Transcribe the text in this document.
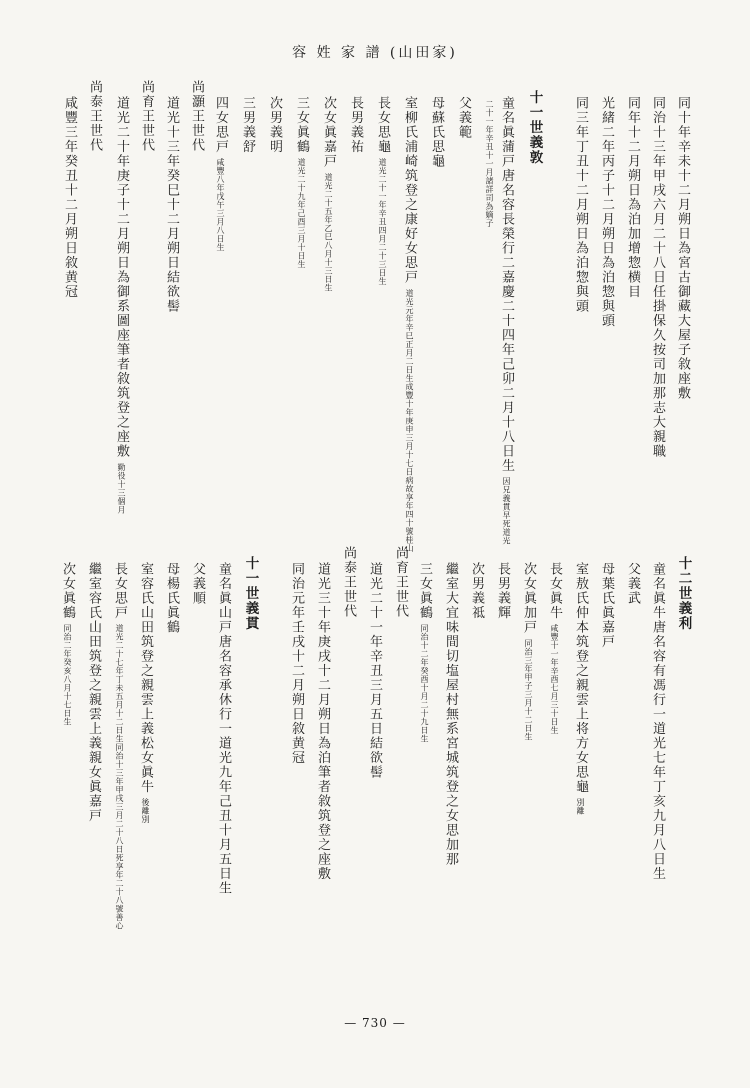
容 姓 家 譜 (山田家)
同十年辛未十二月朔日為宮古御藏大屋子敘座敷
同治十三年甲戌六月二十八日任掛保久按司加那志大親職
同年十二月朔日為泊加增惣横目
光緒二年丙子十二月朔日為泊惣與頭
同三年丁丑十二月朔日為泊惣與頭
十一世義敦
童名眞蒲戸唐名容長榮行二嘉慶二十四年己卯二月十八日生因兄義貫早死道光
二十一年辛丑十一月諸詳司為嫡子
父義範
母蘇氏思龜
室柳氏浦崎筑登之康好女思戸道光元年辛巳正月二日生成豐十年庚申三月十七日病故享年四十號桂山
長女思龜道光二十一年辛丑四月二十三日生
長男義祐
次女眞嘉戸道光二十五年乙巳八月十三日生
三女眞鶴道光二十九年己酉三月十日生
次男義明
三男義舒
四女思戸咸豐八年戊午三月八日生
尚灝王世代
道光十三年癸巳十二月朔日結欲髻
尚育王世代
道光二十年庚子十二月朔日為御系圖座筆者敘筑登之座敷勤役十三個月
尚泰王世代
咸豐三年癸丑十二月朔日敘黄冠
十二世義利
童名眞牛唐名容有馮行一道光七年丁亥九月八日生
父義武
母葉氏眞嘉戸
室敖氏仲本筑登之親雲上将方女思龜別離
長女眞牛咸豐十一年辛酉七月三十日生
次女眞加戸同治三年甲子三月十二日生
長男義輝
次男義祗
繼室大宜味間切塩屋村無系宮城筑登之女思加那
三女眞鶴同治十二年癸酉十月二十九日生
尚育王世代
道光二十一年辛丑三月五日結欲髻
尚泰王世代
道光三十年庚戌十二月朔日為泊筆者敘筑登之座敷
同治元年壬戌十二月朔日敘黄冠
十一世義貫
童名眞山戸唐名容承休行一道光九年己丑十月五日生
父義順
母楊氏眞鶴
室容氏山田筑登之親雲上義松女眞牛後離別
長女思戸道光二十七年丁未五月十二日生同治十三年甲戌三月二十八日死享年二十八號善心
繼室容氏山田筑登之親雲上義親女眞嘉戸
次女眞鶴同治二年癸亥八月十七日生
— 730 —
